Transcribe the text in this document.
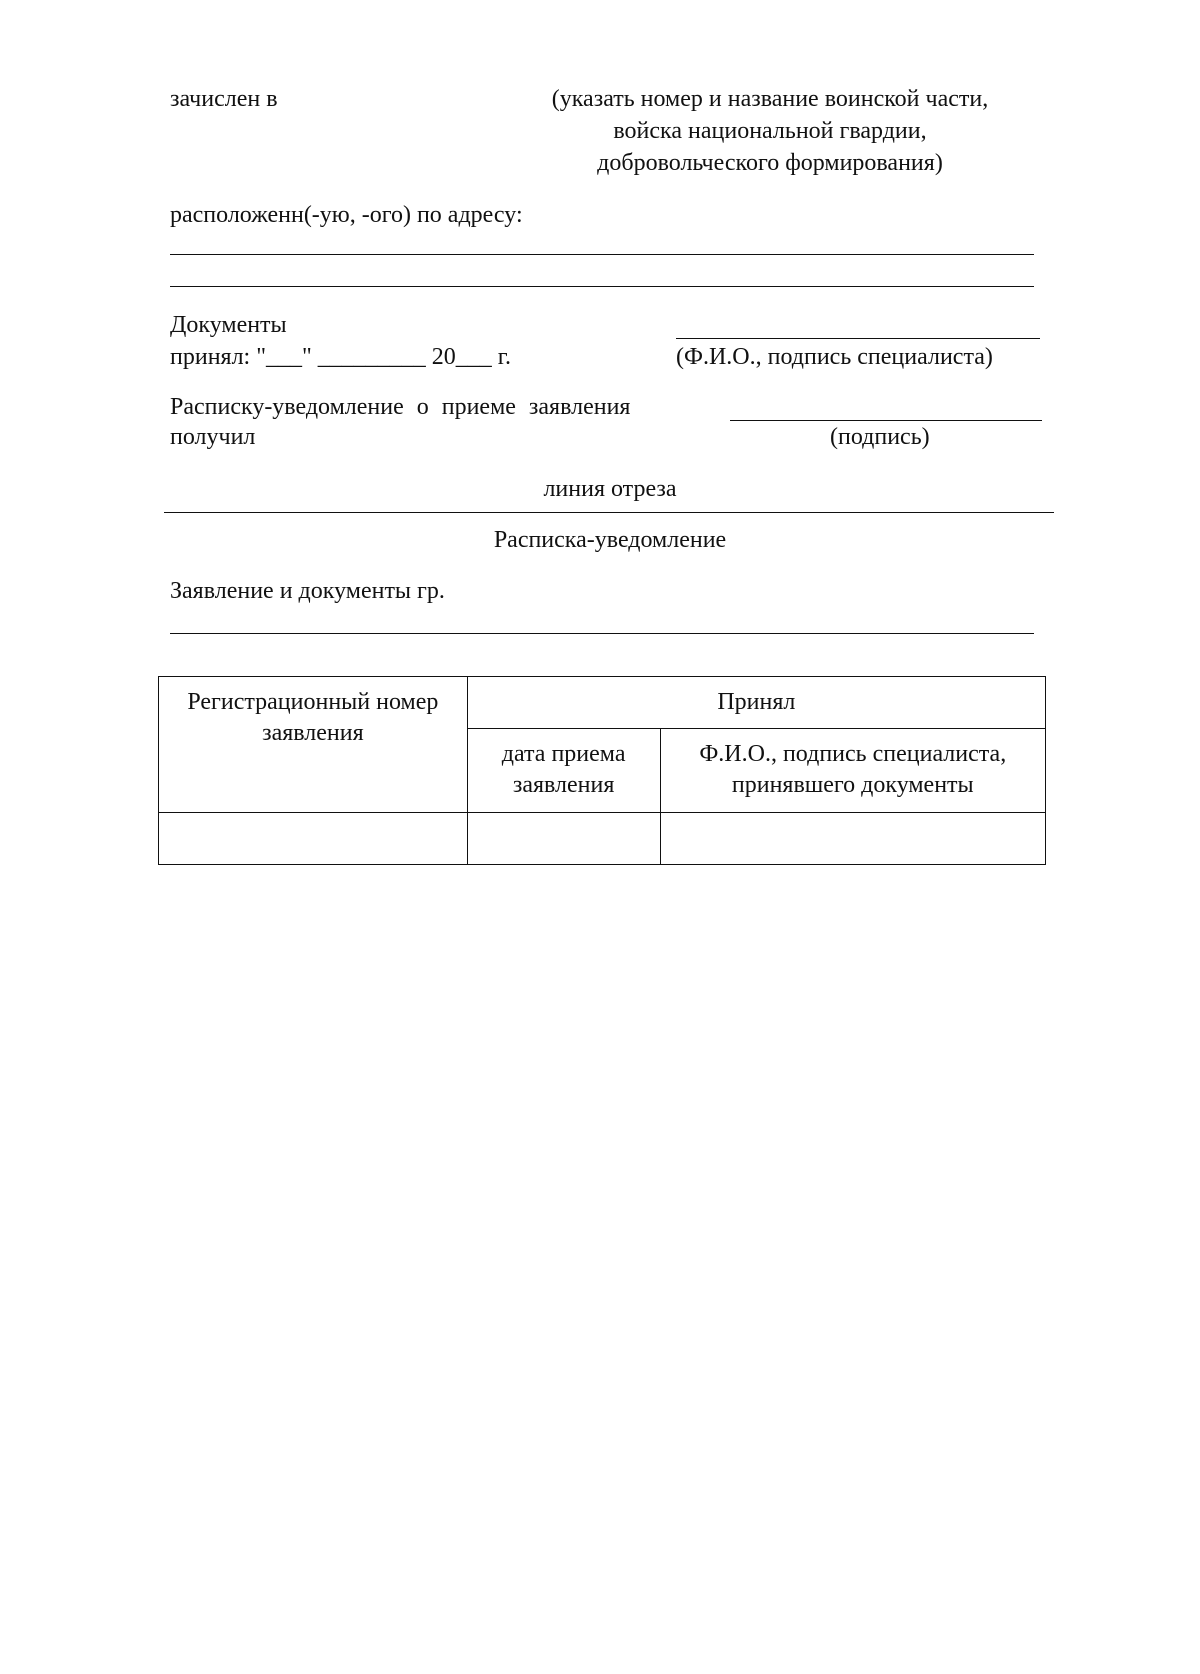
зачислен в	(указать номер и название воинской части,
войска национальной гвардии,
добровольческого формирования)
расположенн(-ую, -ого) по адресу:
Документы
принял: "___" _________ 20___ г.	(Ф.И.О., подпись специалиста)
Расписку-уведомление о приеме заявления
получил	(подпись)
линия отреза
Расписка-уведомление
Заявление и документы гр.
Регистрационный номер заявления	Принял	
	дата приема заявления	Ф.И.О., подпись специалиста, принявшего документы
